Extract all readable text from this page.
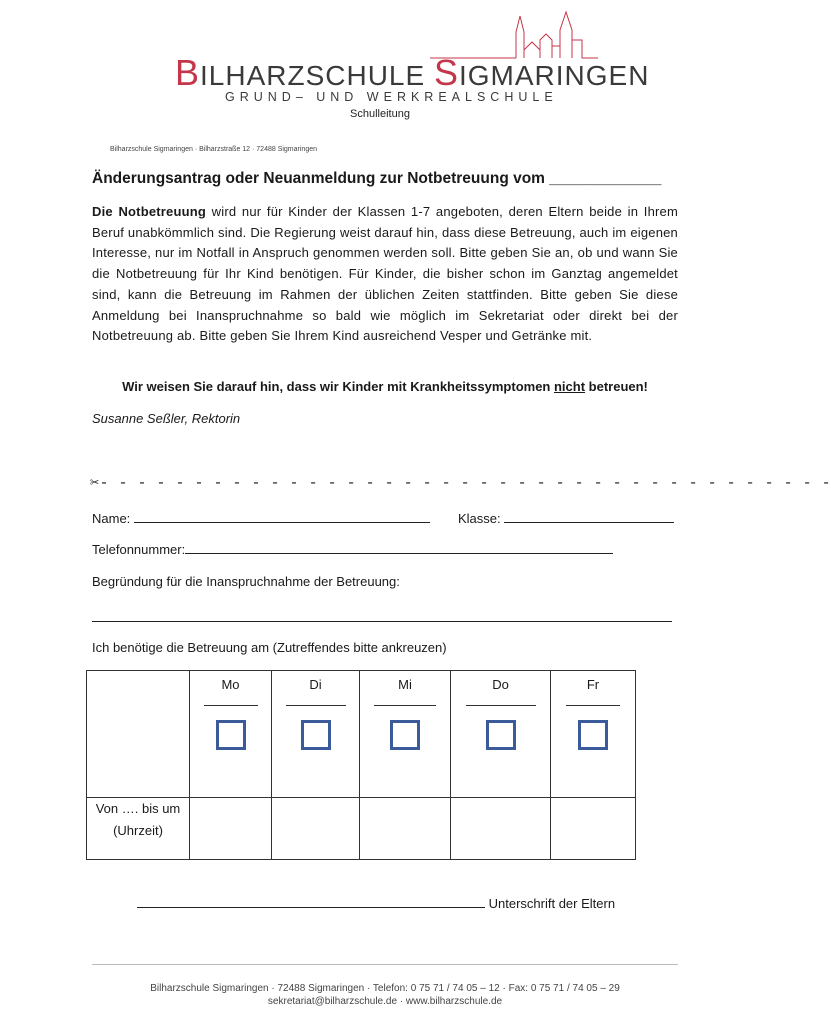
BILHARZSCHULE SIGMARINGEN
GRUND– UND WERKREALSCHULE
Schulleitung
Bilharzschule Sigmaringen · Bilharzstraße 12 · 72488 Sigmaringen
Änderungsantrag oder Neuanmeldung zur Notbetreuung vom _____________
Die Notbetreuung wird nur für Kinder der Klassen 1-7 angeboten, deren Eltern beide in Ihrem Beruf unabkömmlich sind. Die Regierung weist darauf hin, dass diese Betreuung, auch im eigenen Interesse, nur im Notfall in Anspruch genommen werden soll. Bitte geben Sie an, ob und wann Sie die Notbetreuung für Ihr Kind benötigen. Für Kinder, die bisher schon im Ganztag angemeldet sind, kann die Betreuung im Rahmen der üblichen Zeiten stattfinden. Bitte geben Sie diese Anmeldung bei Inanspruchnahme so bald wie möglich im Sekretariat oder direkt bei der Notbetreuung ab. Bitte geben Sie Ihrem Kind ausreichend Vesper und Getränke mit.
Wir weisen Sie darauf hin, dass wir Kinder mit Krankheitssymptomen nicht betreuen!
Susanne Seßler, Rektorin
✂- - - - - - - - - - - - - - - - - - - - - - - - - - - - - - - - - - - - - - -
Name:	Klasse:
Telefonnummer:
Begründung für die Inanspruchnahme der Betreuung:
Ich benötige die Betreuung am (Zutreffendes bitte ankreuzen)

	Mo	Di	Mi	Do	Fr

Von …. bis um
(Uhrzeit)					

Unterschrift der Eltern
Bilharzschule Sigmaringen · 72488 Sigmaringen · Telefon: 0 75 71 / 74 05 – 12 · Fax: 0 75 71 / 74 05 – 29
sekretariat@bilharzschule.de · www.bilharzschule.de
